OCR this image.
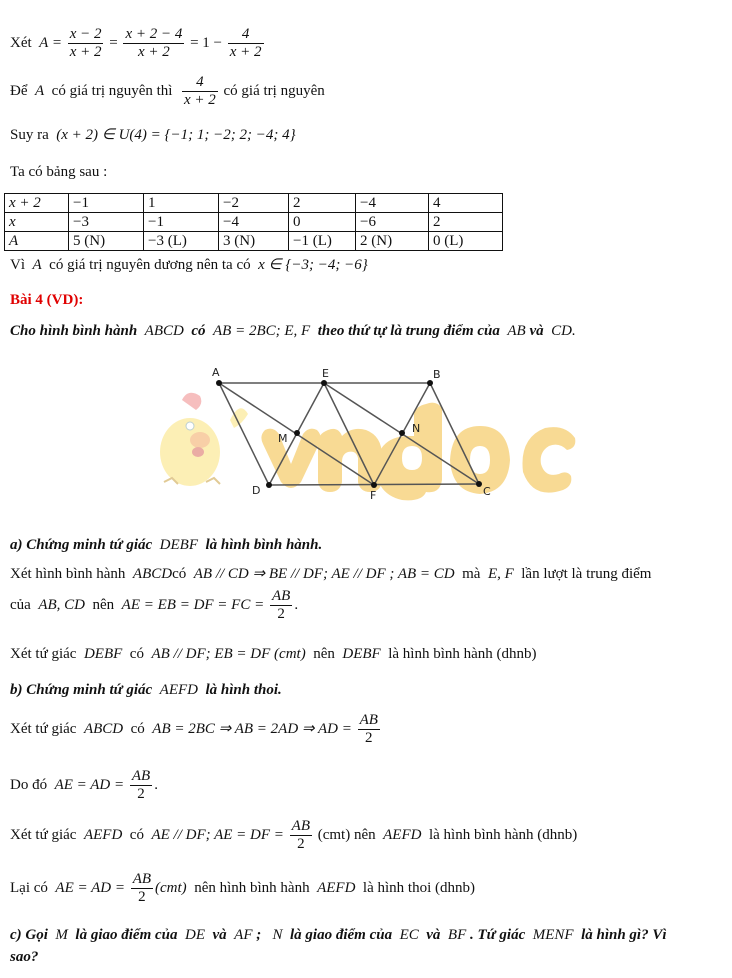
Xét $A = \frac{x - 2}{x + 2} = \frac{x + 2 - 4}{x + 2} = 1 - \frac{4}{x + 2}$
Để A có giá trị nguyên thì $\frac{4}{x + 2}$ có giá trị nguyên
Suy ra (x + 2) ∈ U(4) = {−1; 1; −2; 2; −4; 4}
Ta có bảng sau :
x + 2	−1	1	−2	2	−4	4
x	−3	−1	−4	0	−6	2
A	5 (N)	−3 (L)	3 (N)	−1 (L)	2 (N)	0 (L)
Vì A có giá trị nguyên dương nên ta có x ∈ {−3; −4; −6}
Bài 4 (VD):
Cho hình bình hành ABCD có AB = 2BC; E, F theo thứ tự là trung điểm của AB và CD.
A	E	B
D	F	C
M
N
a) Chứng minh tứ giác DEBF là hình bình hành.
Xét hình bình hành ABCDcó AB // CD ⇒ BE // DF; AE // DF ; AB = CD mà E, F lần lượt là trung điểm
của AB, CD nên AE = EB = DF = FC = $\frac{AB}{2}$ .
Xét tứ giác DEBF có AB // DF; EB = DF (cmt) nên DEBF là hình bình hành (dhnb)
b) Chứng minh tứ giác AEFD là hình thoi.
Xét tứ giác ABCD có AB = 2BC ⇒ AB = 2AD ⇒ AD = $\frac{AB}{2}$
Do đó AE = AD = $\frac{AB}{2}$ .
Xét tứ giác AEFD có AE // DF; AE = DF = $\frac{AB}{2} (cmt)$ nên AEFD là hình bình hành (dhnb)
Lại có AE = AD = $\frac{AB}{2} (cmt)$ nên hình bình hành AEFD là hình thoi (dhnb)
c) Gọi M là giao điểm của DE và AF ; N là giao điểm của EC và BF . Tứ giác MENF là hình gì? Vì
sao?
